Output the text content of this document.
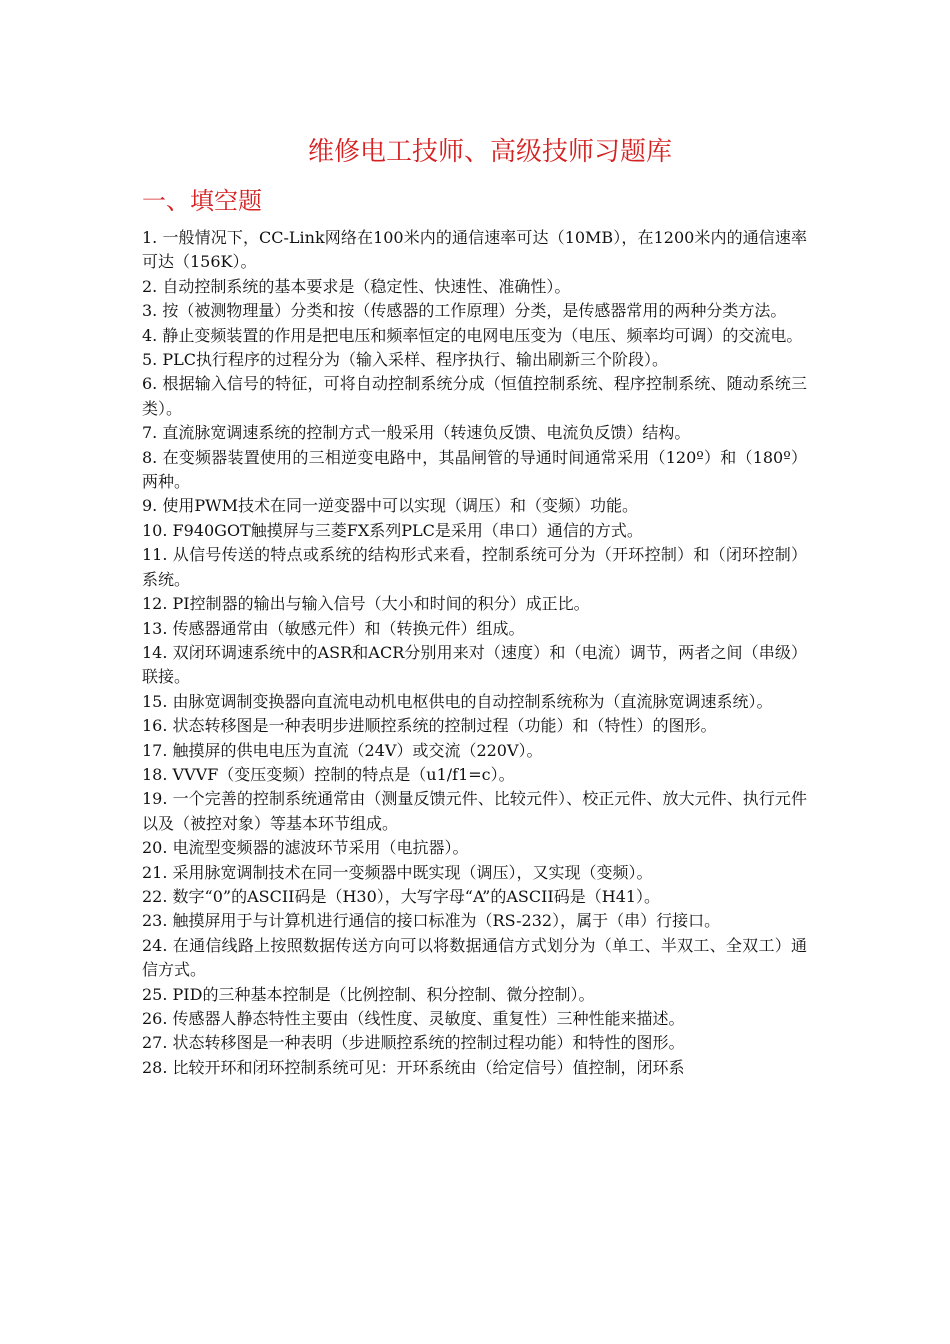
维修电工技师、高级技师习题库
一、填空题
1. 一般情况下，CC-Link网络在100米内的通信速率可达（10MB），在1200米内的通信速率可达（156K）。
2. 自动控制系统的基本要求是（稳定性、快速性、准确性）。
3. 按（被测物理量）分类和按（传感器的工作原理）分类，是传感器常用的两种分类方法。
4. 静止变频装置的作用是把电压和频率恒定的电网电压变为（电压、频率均可调）的交流电。
5. PLC执行程序的过程分为（输入采样、程序执行、输出刷新三个阶段）。
6. 根据输入信号的特征，可将自动控制系统分成（恒值控制系统、程序控制系统、随动系统三类）。
7. 直流脉宽调速系统的控制方式一般采用（转速负反馈、电流负反馈）结构。
8. 在变频器装置使用的三相逆变电路中，其晶闸管的导通时间通常采用（120º）和（180º）两种。
9. 使用PWM技术在同一逆变器中可以实现（调压）和（变频）功能。
10. F940GOT触摸屏与三菱FX系列PLC是采用（串口）通信的方式。
11. 从信号传送的特点或系统的结构形式来看，控制系统可分为（开环控制）和（闭环控制）系统。
12. PI控制器的输出与输入信号（大小和时间的积分）成正比。
13. 传感器通常由（敏感元件）和（转换元件）组成。
14. 双闭环调速系统中的ASR和ACR分别用来对（速度）和（电流）调节，两者之间（串级）联接。
15. 由脉宽调制变换器向直流电动机电枢供电的自动控制系统称为（直流脉宽调速系统）。
16. 状态转移图是一种表明步进顺控系统的控制过程（功能）和（特性）的图形。
17. 触摸屏的供电电压为直流（24V）或交流（220V）。
18. VVVF（变压变频）控制的特点是（u1/f1=c）。
19. 一个完善的控制系统通常由（测量反馈元件、比较元件）、校正元件、放大元件、执行元件以及（被控对象）等基本环节组成。
20. 电流型变频器的滤波环节采用（电抗器）。
21. 采用脉宽调制技术在同一变频器中既实现（调压），又实现（变频）。
22. 数字“0”的ASCII码是（H30），大写字母“A”的ASCII码是（H41）。
23. 触摸屏用于与计算机进行通信的接口标准为（RS-232），属于（串）行接口。
24. 在通信线路上按照数据传送方向可以将数据通信方式划分为（单工、半双工、全双工）通信方式。
25. PID的三种基本控制是（比例控制、积分控制、微分控制）。
26. 传感器人静态特性主要由（线性度、灵敏度、重复性）三种性能来描述。
27. 状态转移图是一种表明（步进顺控系统的控制过程功能）和特性的图形。
28. 比较开环和闭环控制系统可见：开环系统由（给定信号）值控制，闭环系
